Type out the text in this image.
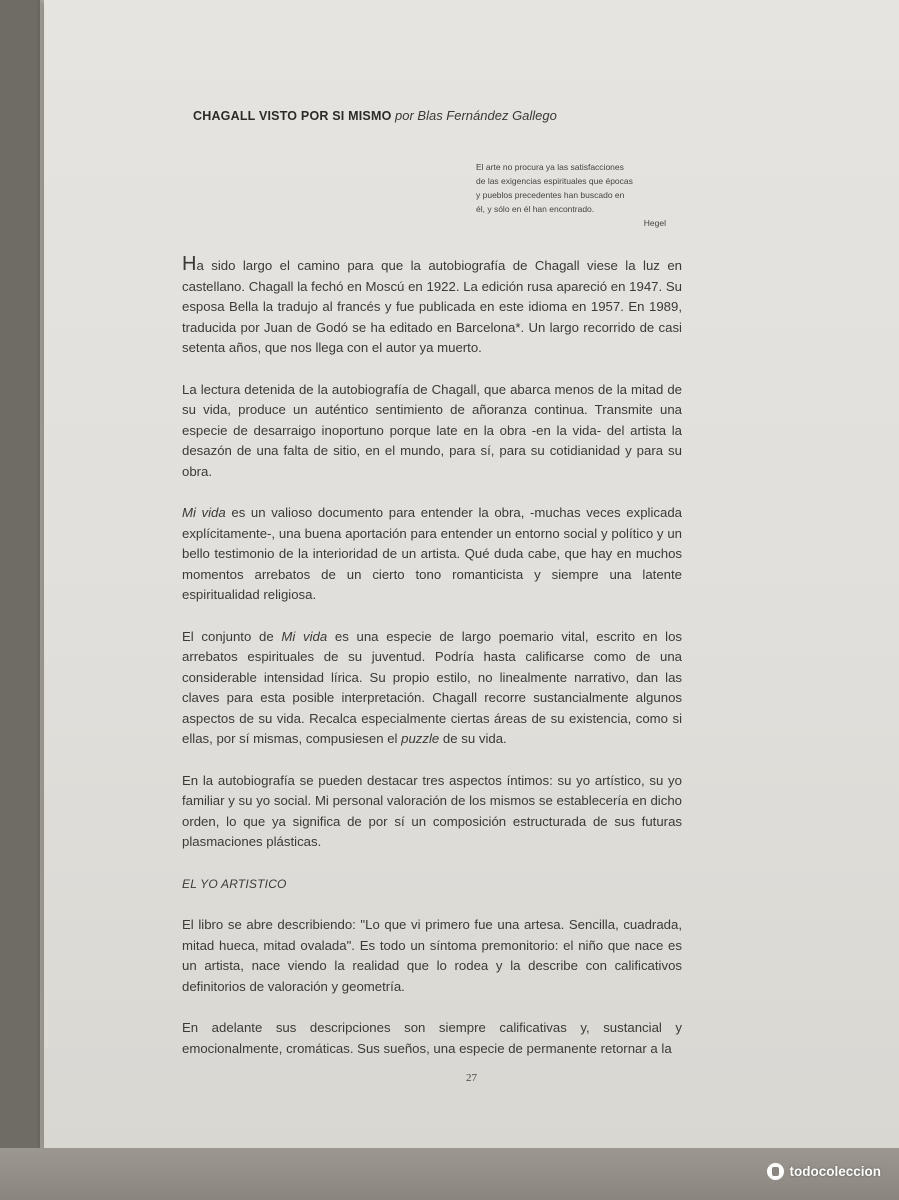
CHAGALL VISTO POR SI MISMO por Blas Fernández Gallego
El arte no procura ya las satisfacciones
de las exigencias espirituales que épocas
y pueblos precedentes han buscado en
él, y sólo en él han encontrado.
Hegel

Ha sido largo el camino para que la autobiografía de Chagall viese la luz en castellano. Chagall la fechó en Moscú en 1922. La edición rusa apareció en 1947. Su esposa Bella la tradujo al francés y fue publicada en este idioma en 1957. En 1989, traducida por Juan de Godó se ha editado en Barcelona*. Un largo recorrido de casi setenta años, que nos llega con el autor ya muerto.

La lectura detenida de la autobiografía de Chagall, que abarca menos de la mitad de su vida, produce un auténtico sentimiento de añoranza continua. Transmite una especie de desarraigo inoportuno porque late en la obra -en la vida- del artista la desazón de una falta de sitio, en el mundo, para sí, para su cotidianidad y para su obra.

Mi vida es un valioso documento para entender la obra, -muchas veces explicada explícitamente-, una buena aportación para entender un entorno social y político y un bello testimonio de la interioridad de un artista. Qué duda cabe, que hay en muchos momentos arrebatos de un cierto tono romanticista y siempre una latente espiritualidad religiosa.

El conjunto de Mi vida es una especie de largo poemario vital, escrito en los arrebatos espirituales de su juventud. Podría hasta calificarse como de una considerable intensidad lírica. Su propio estilo, no linealmente narrativo, dan las claves para esta posible interpretación. Chagall recorre sustancialmente algunos aspectos de su vida. Recalca especialmente ciertas áreas de su existencia, como si ellas, por sí mismas, compusiesen el puzzle de su vida.

En la autobiografía se pueden destacar tres aspectos íntimos: su yo artístico, su yo familiar y su yo social. Mi personal valoración de los mismos se establecería en dicho orden, lo que ya significa de por sí un composición estructurada de sus futuras plasmaciones plásticas.

EL YO ARTISTICO

El libro se abre describiendo: "Lo que vi primero fue una artesa. Sencilla, cuadrada, mitad hueca, mitad ovalada". Es todo un síntoma premonitorio: el niño que nace es un artista, nace viendo la realidad que lo rodea y la describe con calificativos definitorios de valoración y geometría.

En adelante sus descripciones son siempre calificativas y, sustancial y emocionalmente, cromáticas. Sus sueños, una especie de permanente retornar a la

27
todocoleccion
